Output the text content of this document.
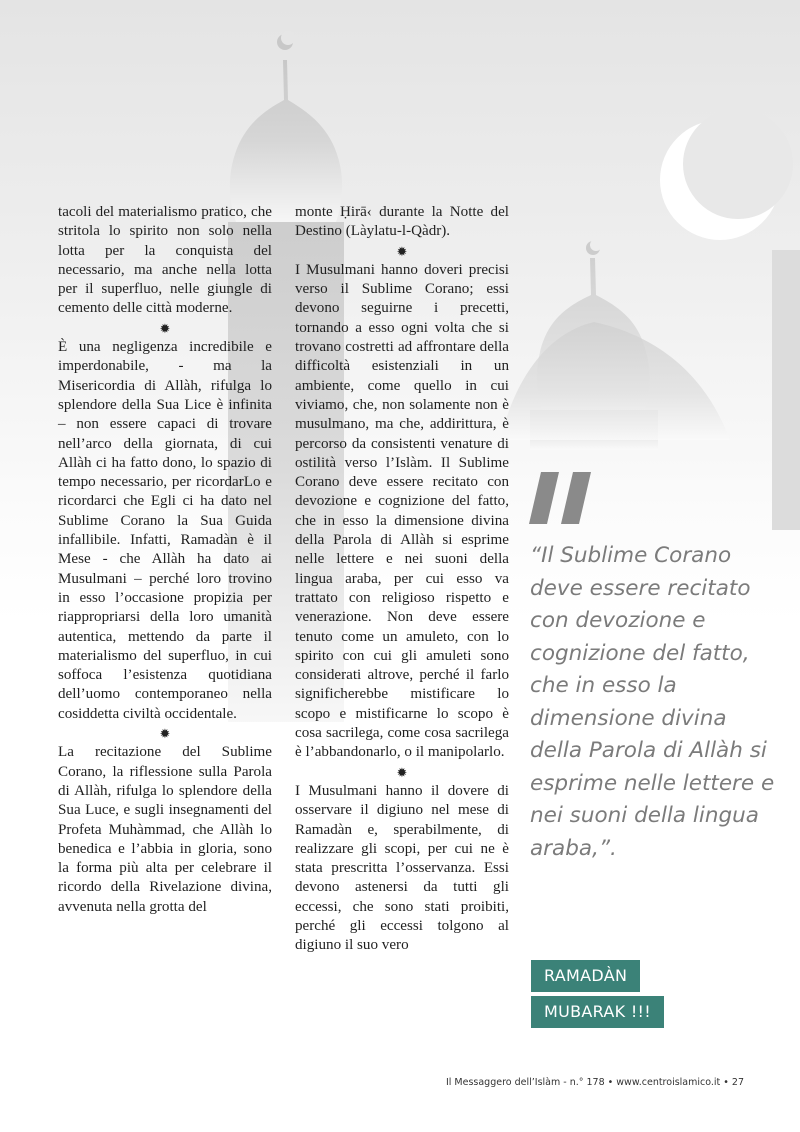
tacoli del materialismo pratico, che stritola lo spirito non solo nella lotta per la conquista del necessario, ma anche nella lotta per il superfluo, nelle giungle di cemento delle città moderne.

✹

È una negligenza incredibile e imperdonabile, - ma la Misericordia di Allàh, rifulga lo splendore della Sua Lice è infinita – non essere capaci di trovare nell’arco della giornata, di cui Allàh ci ha fatto dono, lo spazio di tempo necessario, per ricordarLo e ricordarci che Egli ci ha dato nel Sublime Corano la Sua Guida infallibile. Infatti, Ramadàn è il Mese - che Allàh ha dato ai Musulmani – perché loro trovino in esso l’occasione propizia per riappropriarsi della loro umanità autentica, mettendo da parte il materialismo del superfluo, in cui soffoca l’esistenza quotidiana dell’uomo contemporaneo nella cosiddetta civiltà occidentale.

✹

La recitazione del Sublime Corano, la riflessione sulla Parola di Allàh, rifulga lo splendore della Sua Luce, e sugli insegnamenti del Profeta Muhàmmad, che Allàh lo benedica e l’abbia in gloria, sono la forma più alta per celebrare il ricordo della Rivelazione divina, avvenuta nella grotta del

monte Ḥirā‹ durante la Notte del Destino (Làylatu-l-Qàdr).

✹

I Musulmani hanno doveri precisi verso il Sublime Corano; essi devono seguirne i precetti, tornando a esso ogni volta che si trovano costretti ad affrontare della difficoltà esistenziali in un ambiente, come quello in cui viviamo, che, non solamente non è musulmano, ma che, addirittura, è percorso da consistenti venature di ostilità verso l’Islàm. Il Sublime Corano deve essere recitato con devozione e cognizione del fatto, che in esso la dimensione divina della Parola di Allàh si esprime nelle lettere e nei suoni della lingua araba, per cui esso va trattato con religioso rispetto e venerazione. Non deve essere tenuto come un amuleto, con lo spirito con cui gli amuleti sono considerati altrove, perché il farlo significherebbe mistificare lo scopo e mistificarne lo scopo è cosa sacrilega, come cosa sacrilega è l’abbandonarlo, o il manipolarlo.

✹

I Musulmani hanno il dovere di osservare il digiuno nel mese di Ramadàn e, sperabilmente, di realizzare gli scopi, per cui ne è stata prescritta l’osservanza. Essi devono astenersi da tutti gli eccessi, che sono stati proibiti, perché gli eccessi tolgono al digiuno il suo vero

“Il Sublime Corano deve essere recitato con devozione e cognizione del fatto, che in esso la dimensione divina della Parola di Allàh si esprime nelle lettere e nei suoni della lingua araba,”.

RAMADÀN
MUBARAK !!!
Il Messaggero dell’Islàm - n.° 178 • www.centroislamico.it • 27
